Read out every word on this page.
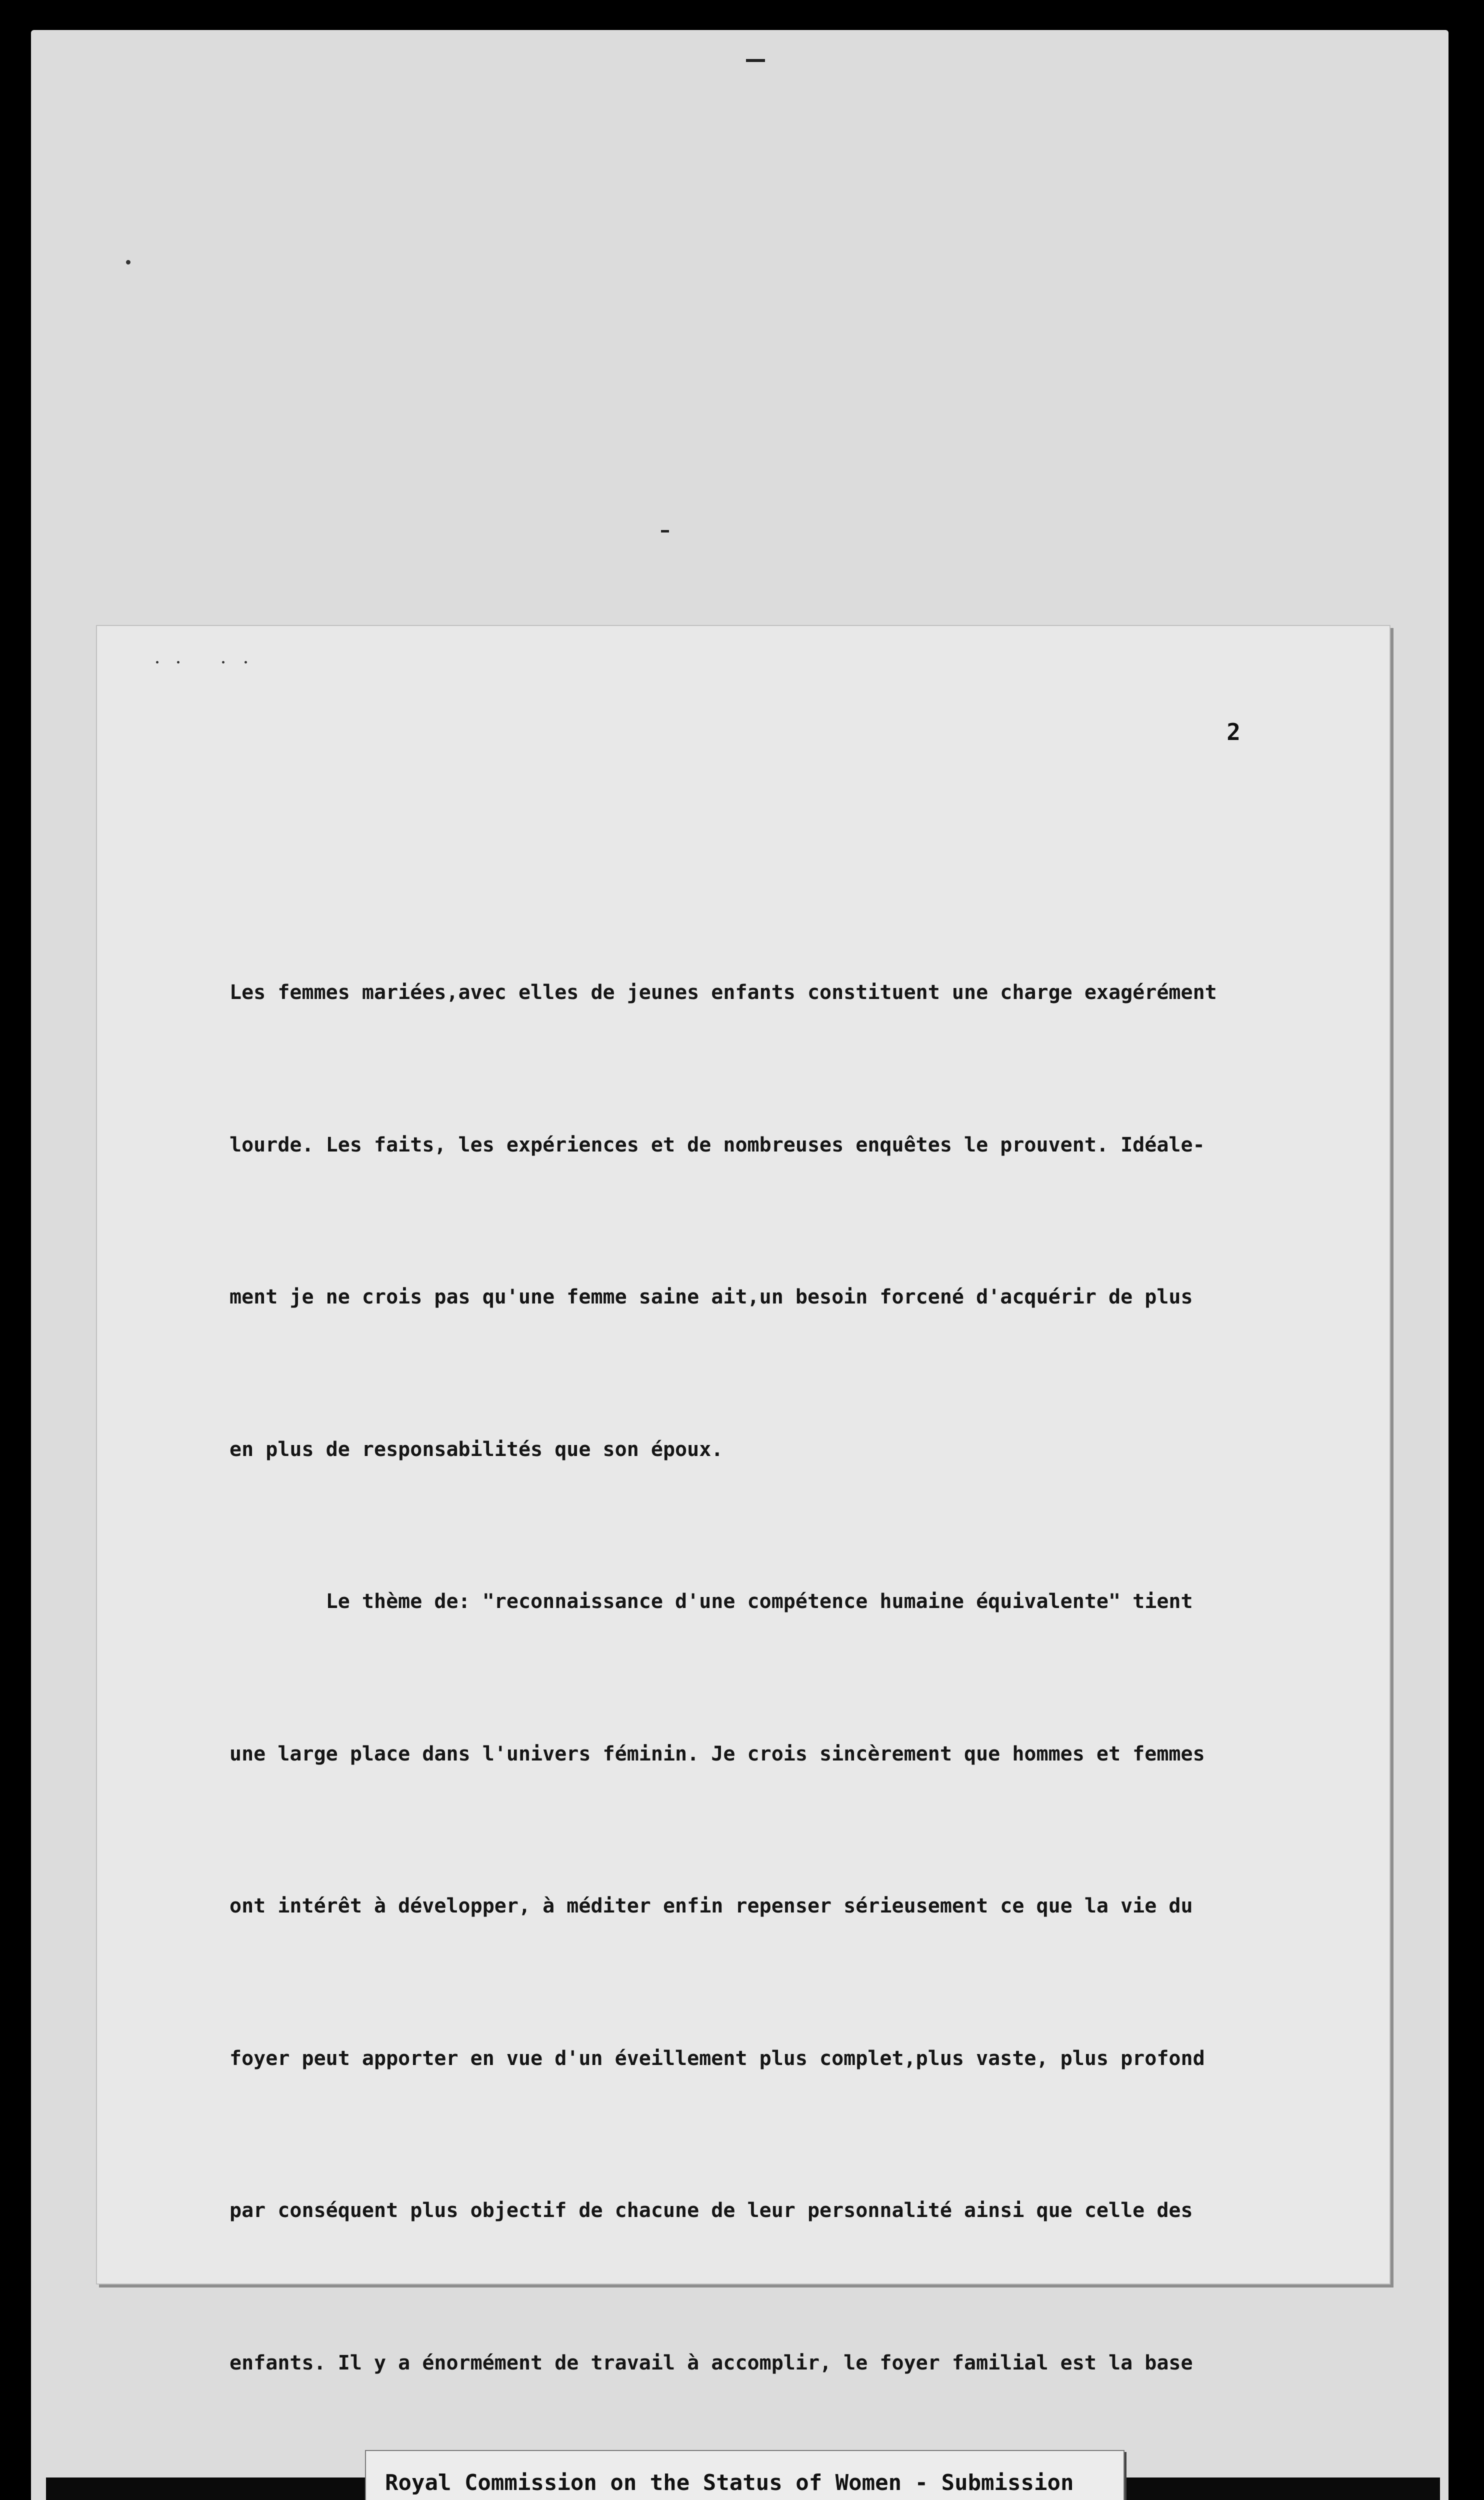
2

Les femmes mariées,avec elles de jeunes enfants constituent une charge exagérément

lourde. Les faits, les expériences et de nombreuses enquêtes le prouvent. Idéale-

ment je ne crois pas qu'une femme saine ait,un besoin forcené d'acquérir de plus

en plus de responsabilités que son époux.

Le thème de: "reconnaissance d'une compétence humaine équivalente" tient

une large place dans l'univers féminin. Je crois sincèrement que hommes et femmes

ont intérêt à développer, à méditer enfin repenser sérieusement ce que la vie du

foyer peut apporter en vue d'un éveillement plus complet,plus vaste, plus profond

par conséquent plus objectif de chacune de leur personnalité ainsi que celle des

enfants. Il y a énormément de travail à accomplir, le foyer familial est la base

Royal Commission on the Status of Women - Submission
